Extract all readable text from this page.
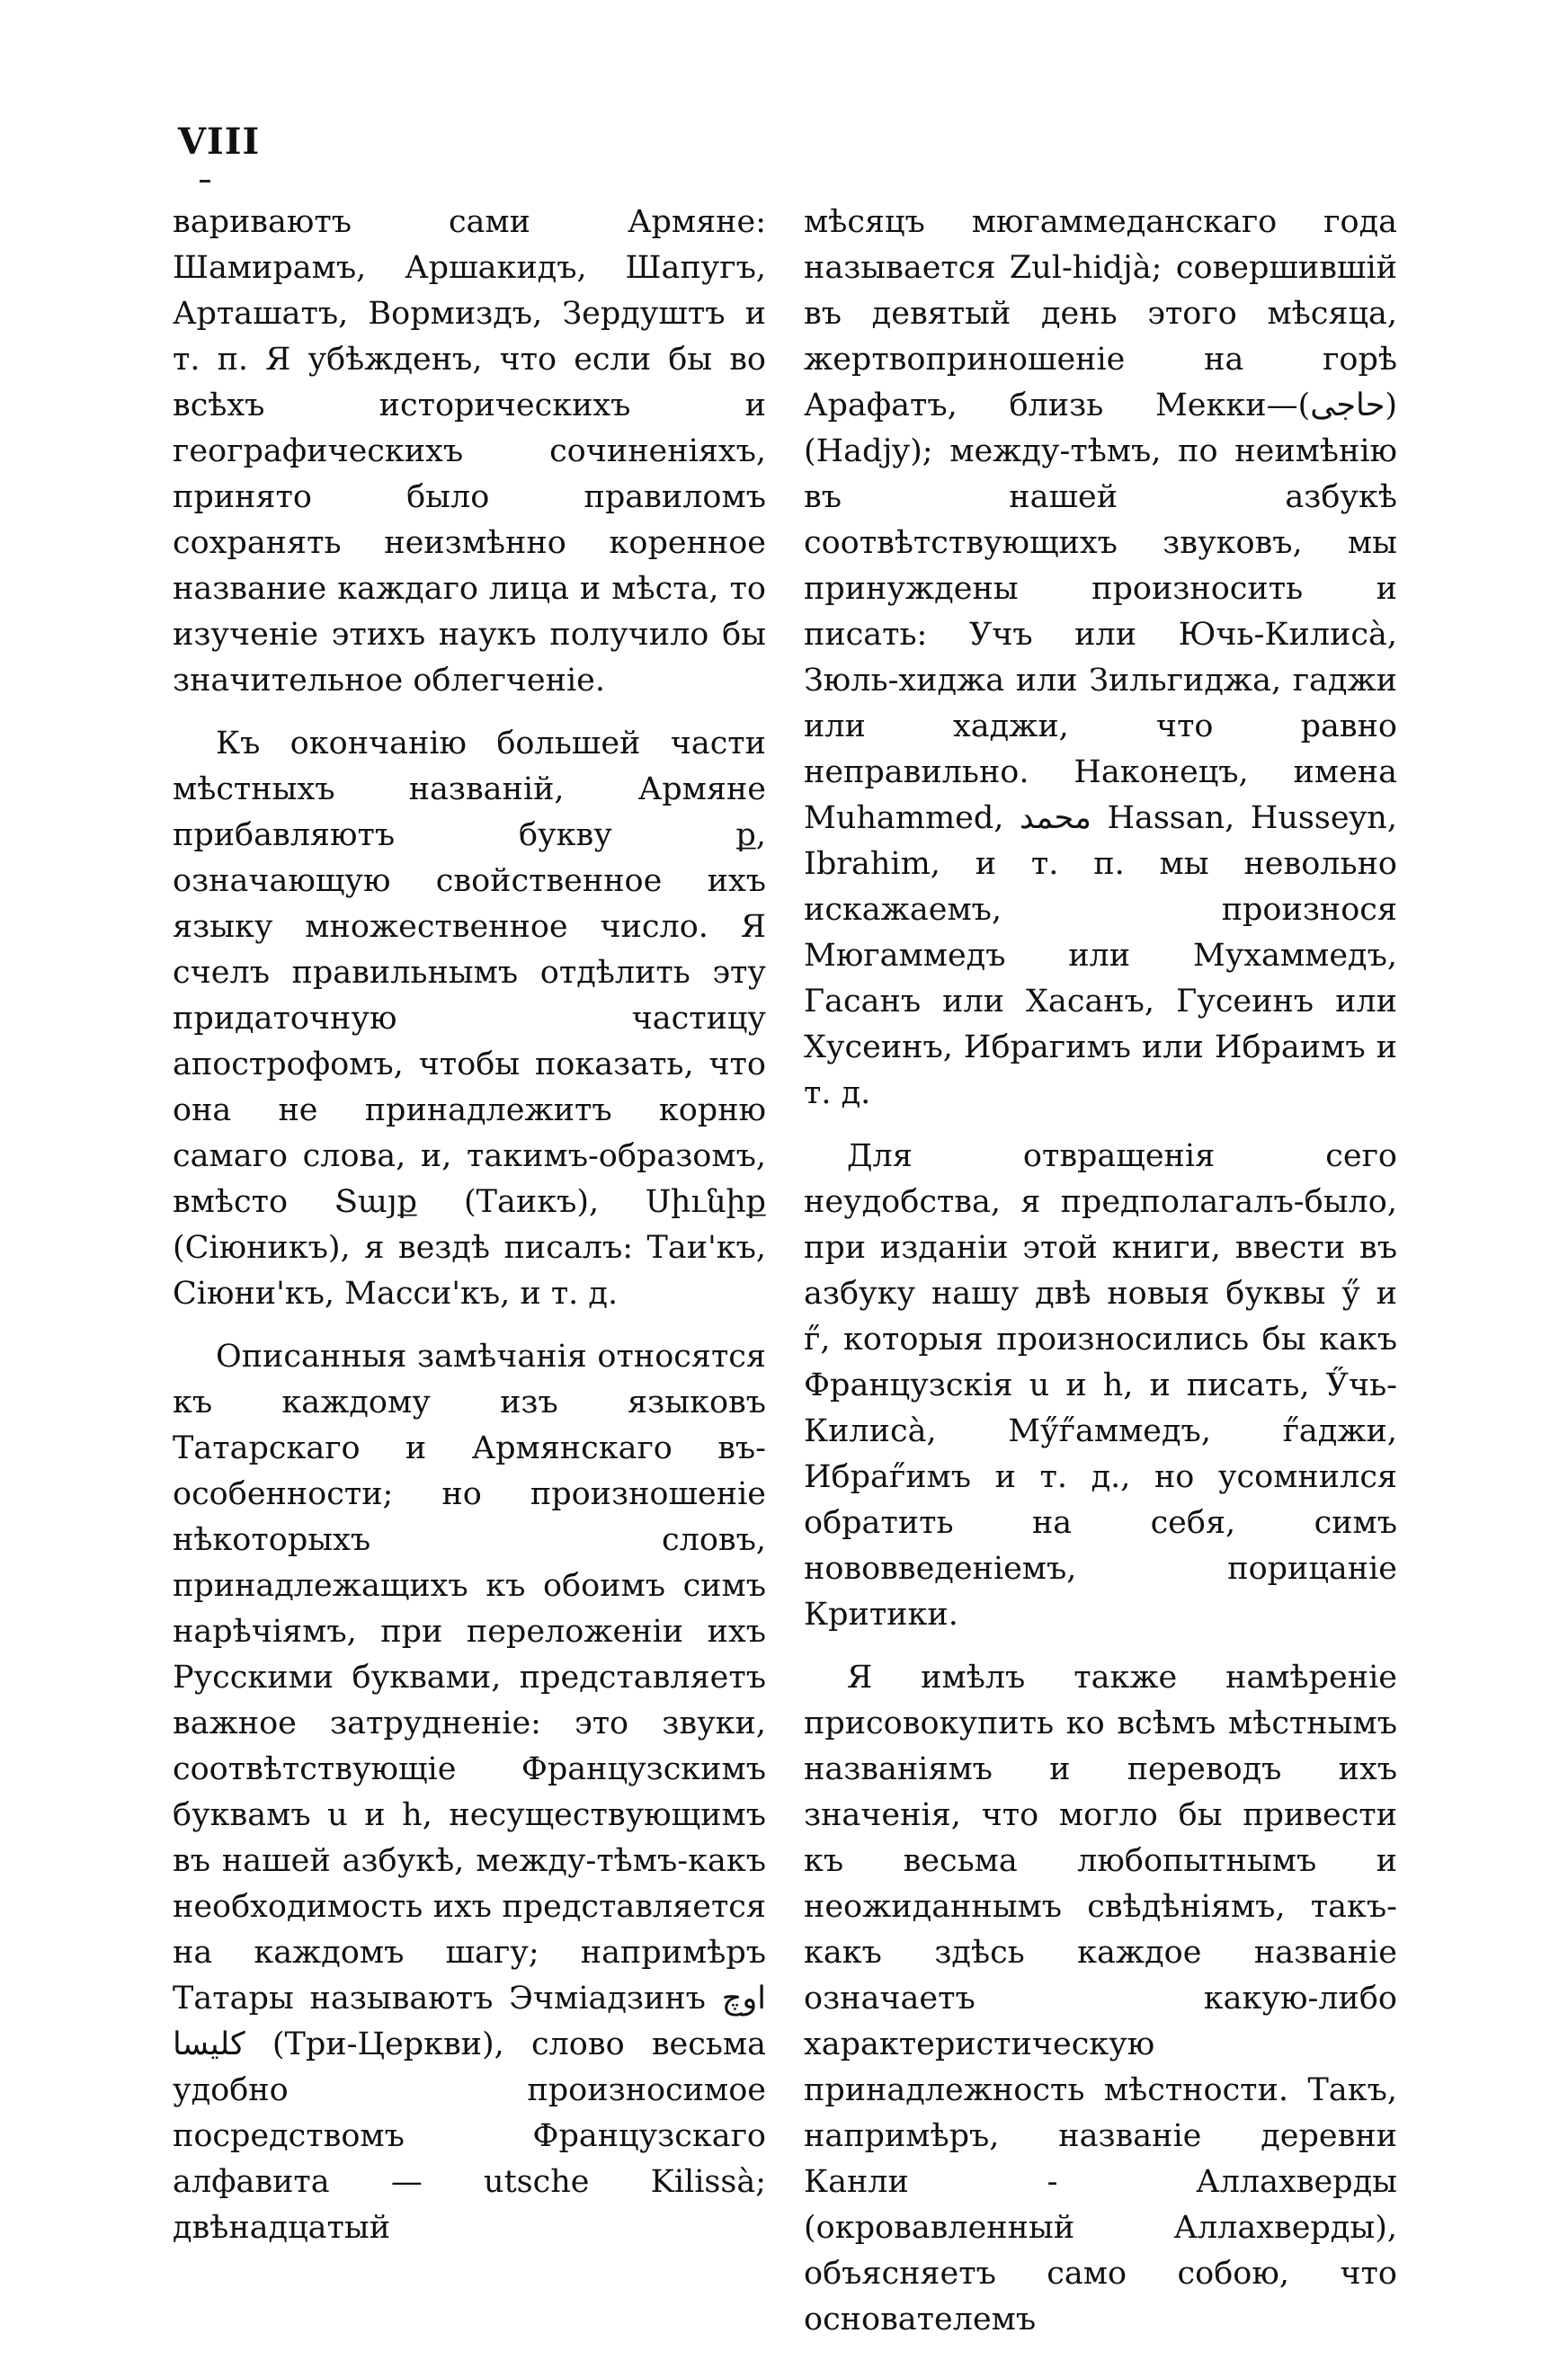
VIII

вариваютъ сами Армяне: Шамирамъ, Аршакидъ, Шапугъ, Арташатъ, Вормиздъ, Зердуштъ и т. п. Я убѣжденъ, что если бы во всѣхъ историческихъ и географическихъ сочиненіяхъ, принято было правиломъ сохранять неизмѣнно коренное название каждаго лица и мѣста, то изученіе этихъ наукъ получило бы значительное облегченіе.

Къ окончанію большей части мѣстныхъ названій, Армяне прибавляютъ букву ք, означающую свойственное ихъ языку множественное число. Я счелъ правильнымъ отдѣлить эту придаточную частицу апострофомъ, чтобы показать, что она не принадлежитъ корню самаго слова, и, такимъ-образомъ, вмѣсто Տայք (Таикъ), Սիւնիք (Сіюникъ), я вездѣ писалъ: Таи'къ, Сіюни'къ, Масси'къ, и т. д.

Описанныя замѣчанія относятся къ каждому изъ языковъ Татарскаго и Армянскаго въ-особенности; но произношеніе нѣкоторыхъ словъ, принадлежащихъ къ обоимъ симъ нарѣчіямъ, при переложеніи ихъ Русскими буквами, представляетъ важное затрудненіе: это звуки, соотвѣтствующіе Французскимъ буквамъ u и h, несуществующимъ въ нашей азбукѣ, между-тѣмъ-какъ необходимость ихъ представляется на каждомъ шагу; напримѣръ Татары называютъ Эчміадзинъ اوچ كليسا (Три-Церкви), слово весьма удобно произносимое посредствомъ Французскаго алфавита — utsche Kilissà; двѣнадцатый

мѣсяцъ мюгаммеданскаго года называется Zul-hidjà; совершившій въ девятый день этого мѣсяца, жертвоприношеніе на горѣ Арафатъ, близь Мекки—(حاجى) (Hadjy); между-тѣмъ, по неимѣнію въ нашей азбукѣ соотвѣтствующихъ звуковъ, мы принуждены произносить и писать: Учъ или Ючь-Килиса̀, Зюль-хиджа или Зильгиджа, гаджи или хаджи, что равно неправильно. Наконецъ, имена Muhammed, محمد Hassan, Husseyn, Ibrahim, и т. п. мы невольно искажаемъ, произнося Мюгаммедъ или Мухаммедъ, Гасанъ или Хасанъ, Гусеинъ или Хусеинъ, Ибрагимъ или Ибраимъ и т. д.

Для отвращенія сего неудобства, я предполагалъ-было, при изданіи этой книги, ввести въ азбуку нашу двѣ новыя буквы ӳ и г̋, которыя произносились бы какъ Французскія u и h, и писать, Ӳчь-Килиса̀, Мӳг̋аммедъ, г̋аджи, Ибраг̋имъ и т. д., но усомнился обратить на себя, симъ нововведеніемъ, порицаніе Критики.

Я имѣлъ также намѣреніе присовокупить ко всѣмъ мѣстнымъ названіямъ и переводъ ихъ значенія, что могло бы привести къ весьма любопытнымъ и неожиданнымъ свѣдѣніямъ, такъ-какъ здѣсь каждое названіе означаетъ какую-либо характеристическую принадлежность мѣстности. Такъ, напримѣръ, названіе деревни Канли - Аллахверды (окровавленный Аллахверды), объясняетъ само собою, что основателемъ
